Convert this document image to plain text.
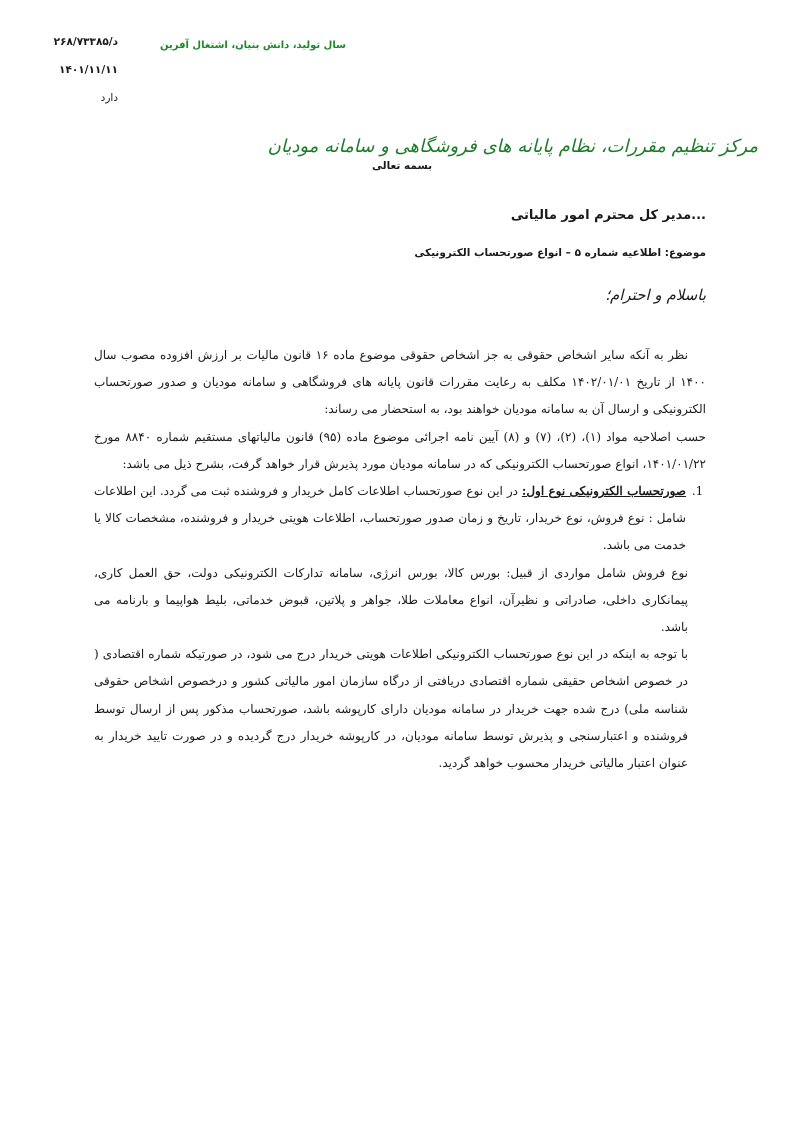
۲۶۸/۷۳۳۸۵/د
۱۴۰۱/۱۱/۱۱
دارد
سال تولید، دانش بنیان، اشتغال آفرین
مرکز تنظیم مقررات، نظام پایانه های فروشگاهی و سامانه مودیان
بسمه تعالی
مدیر کل محترم امور مالیاتی...
موضوع: اطلاعیه شماره ۵ – انواع صورتحساب الکترونیکی
باسلام و احترام؛

نظر به آنکه سایر اشخاص حقوقی به جز اشخاص حقوقی موضوع ماده ۱۶ قانون مالیات بر ارزش افزوده مصوب سال ۱۴۰۰ از تاریخ ۱۴۰۲/۰۱/۰۱ مکلف به رعایت مقررات قانون پایانه های فروشگاهی و سامانه مودیان و صدور صورتحساب الکترونیکی و ارسال آن به سامانه مودیان خواهند بود، به استحضار می رساند:

حسب اصلاحیه مواد (۱)، (۲)، (۷) و (۸) آیین نامه اجرائی موضوع ماده (۹۵) قانون مالیاتهای مستقیم شماره ۸۸۴۰ مورخ ۱۴۰۱/۰۱/۲۲، انواع صورتحساب الکترونیکی که در سامانه مودیان مورد پذیرش قرار خواهد گرفت، بشرح ذیل می باشد:

1. صورتحساب الکترونیکی نوع اول: در این نوع صورتحساب اطلاعات کامل خریدار و فروشنده ثبت می گردد. این اطلاعات شامل : نوع فروش، نوع خریدار، تاریخ و زمان صدور صورتحساب، اطلاعات هویتی خریدار و فروشنده، مشخصات کالا یا خدمت می باشد.

نوع فروش شامل مواردی از قبیل: بورس کالا، بورس انرژی، سامانه تدارکات الکترونیکی دولت، حق العمل کاری، پیمانکاری داخلی، صادراتی و نظیرآن، انواع معاملات طلا، جواهر و پلاتین، قبوض خدماتی، بلیط هواپیما و بارنامه می باشد.

با توجه به اینکه در این نوع صورتحساب الکترونیکی اطلاعات هویتی خریدار درج می شود، در صورتیکه شماره اقتصادی ( در خصوص اشخاص حقیقی شماره اقتصادی دریافتی از درگاه سازمان امور مالیاتی کشور و درخصوص اشخاص حقوقی شناسه ملی) درج شده جهت خریدار در سامانه مودیان دارای کارپوشه باشد، صورتحساب مذکور پس از ارسال توسط فروشنده و اعتبارسنجی و پذیرش توسط سامانه مودیان، در کارپوشه خریدار درج گردیده و در صورت تایید خریدار به عنوان اعتبار مالیاتی خریدار محسوب خواهد گردید.
